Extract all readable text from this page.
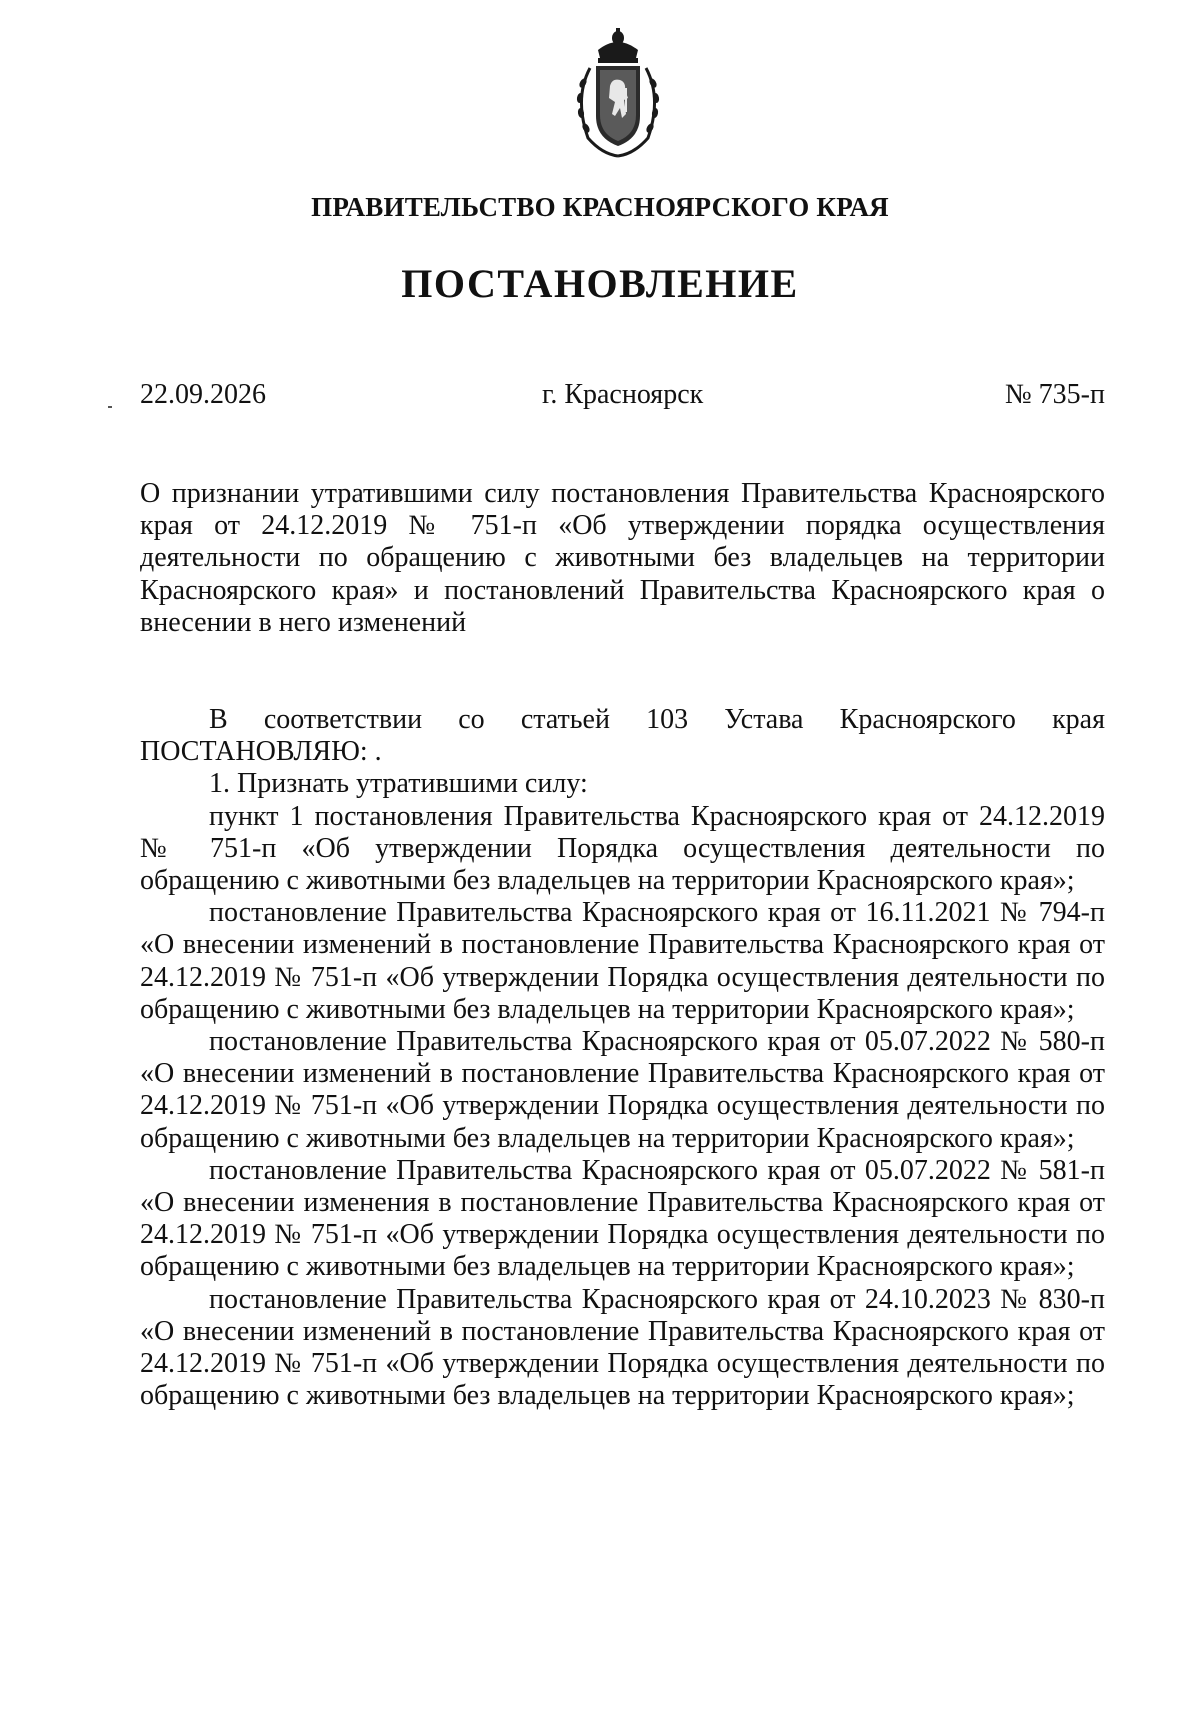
ПРАВИТЕЛЬСТВО КРАСНОЯРСКОГО КРАЯ
ПОСТАНОВЛЕНИЕ
22.09.2026	г. Красноярск	№ 735-п

О признании утратившими силу постановления Правительства Красноярского края от 24.12.2019 № 751-п «Об утверждении порядка осуществления деятельности по обращению с животными без владельцев на территории Красноярского края» и постановлений Правительства Красноярского края о внесении в него изменений

В соответствии со статьей 103 Устава Красноярского края ПОСТАНОВЛЯЮ: .

1. Признать утратившими силу:

пункт 1 постановления Правительства Красноярского края от 24.12.2019 № 751-п «Об утверждении Порядка осуществления деятельности по обращению с животными без владельцев на территории Красноярского края»;

постановление Правительства Красноярского края от 16.11.2021 № 794-п «О внесении изменений в постановление Правительства Красноярского края от 24.12.2019 № 751-п «Об утверждении Порядка осуществления деятельности по обращению с животными без владельцев на территории Красноярского края»;

постановление Правительства Красноярского края от 05.07.2022 № 580-п «О внесении изменений в постановление Правительства Красноярского края от 24.12.2019 № 751-п «Об утверждении Порядка осуществления деятельности по обращению с животными без владельцев на территории Красноярского края»;

постановление Правительства Красноярского края от 05.07.2022 № 581-п «О внесении изменения в постановление Правительства Красноярского края от 24.12.2019 № 751-п «Об утверждении Порядка осуществления деятельности по обращению с животными без владельцев на территории Красноярского края»;

постановление Правительства Красноярского края от 24.10.2023 № 830-п «О внесении изменений в постановление Правительства Красноярского края от 24.12.2019 № 751-п «Об утверждении Порядка осуществления деятельности по обращению с животными без владельцев на территории Красноярского края»;
